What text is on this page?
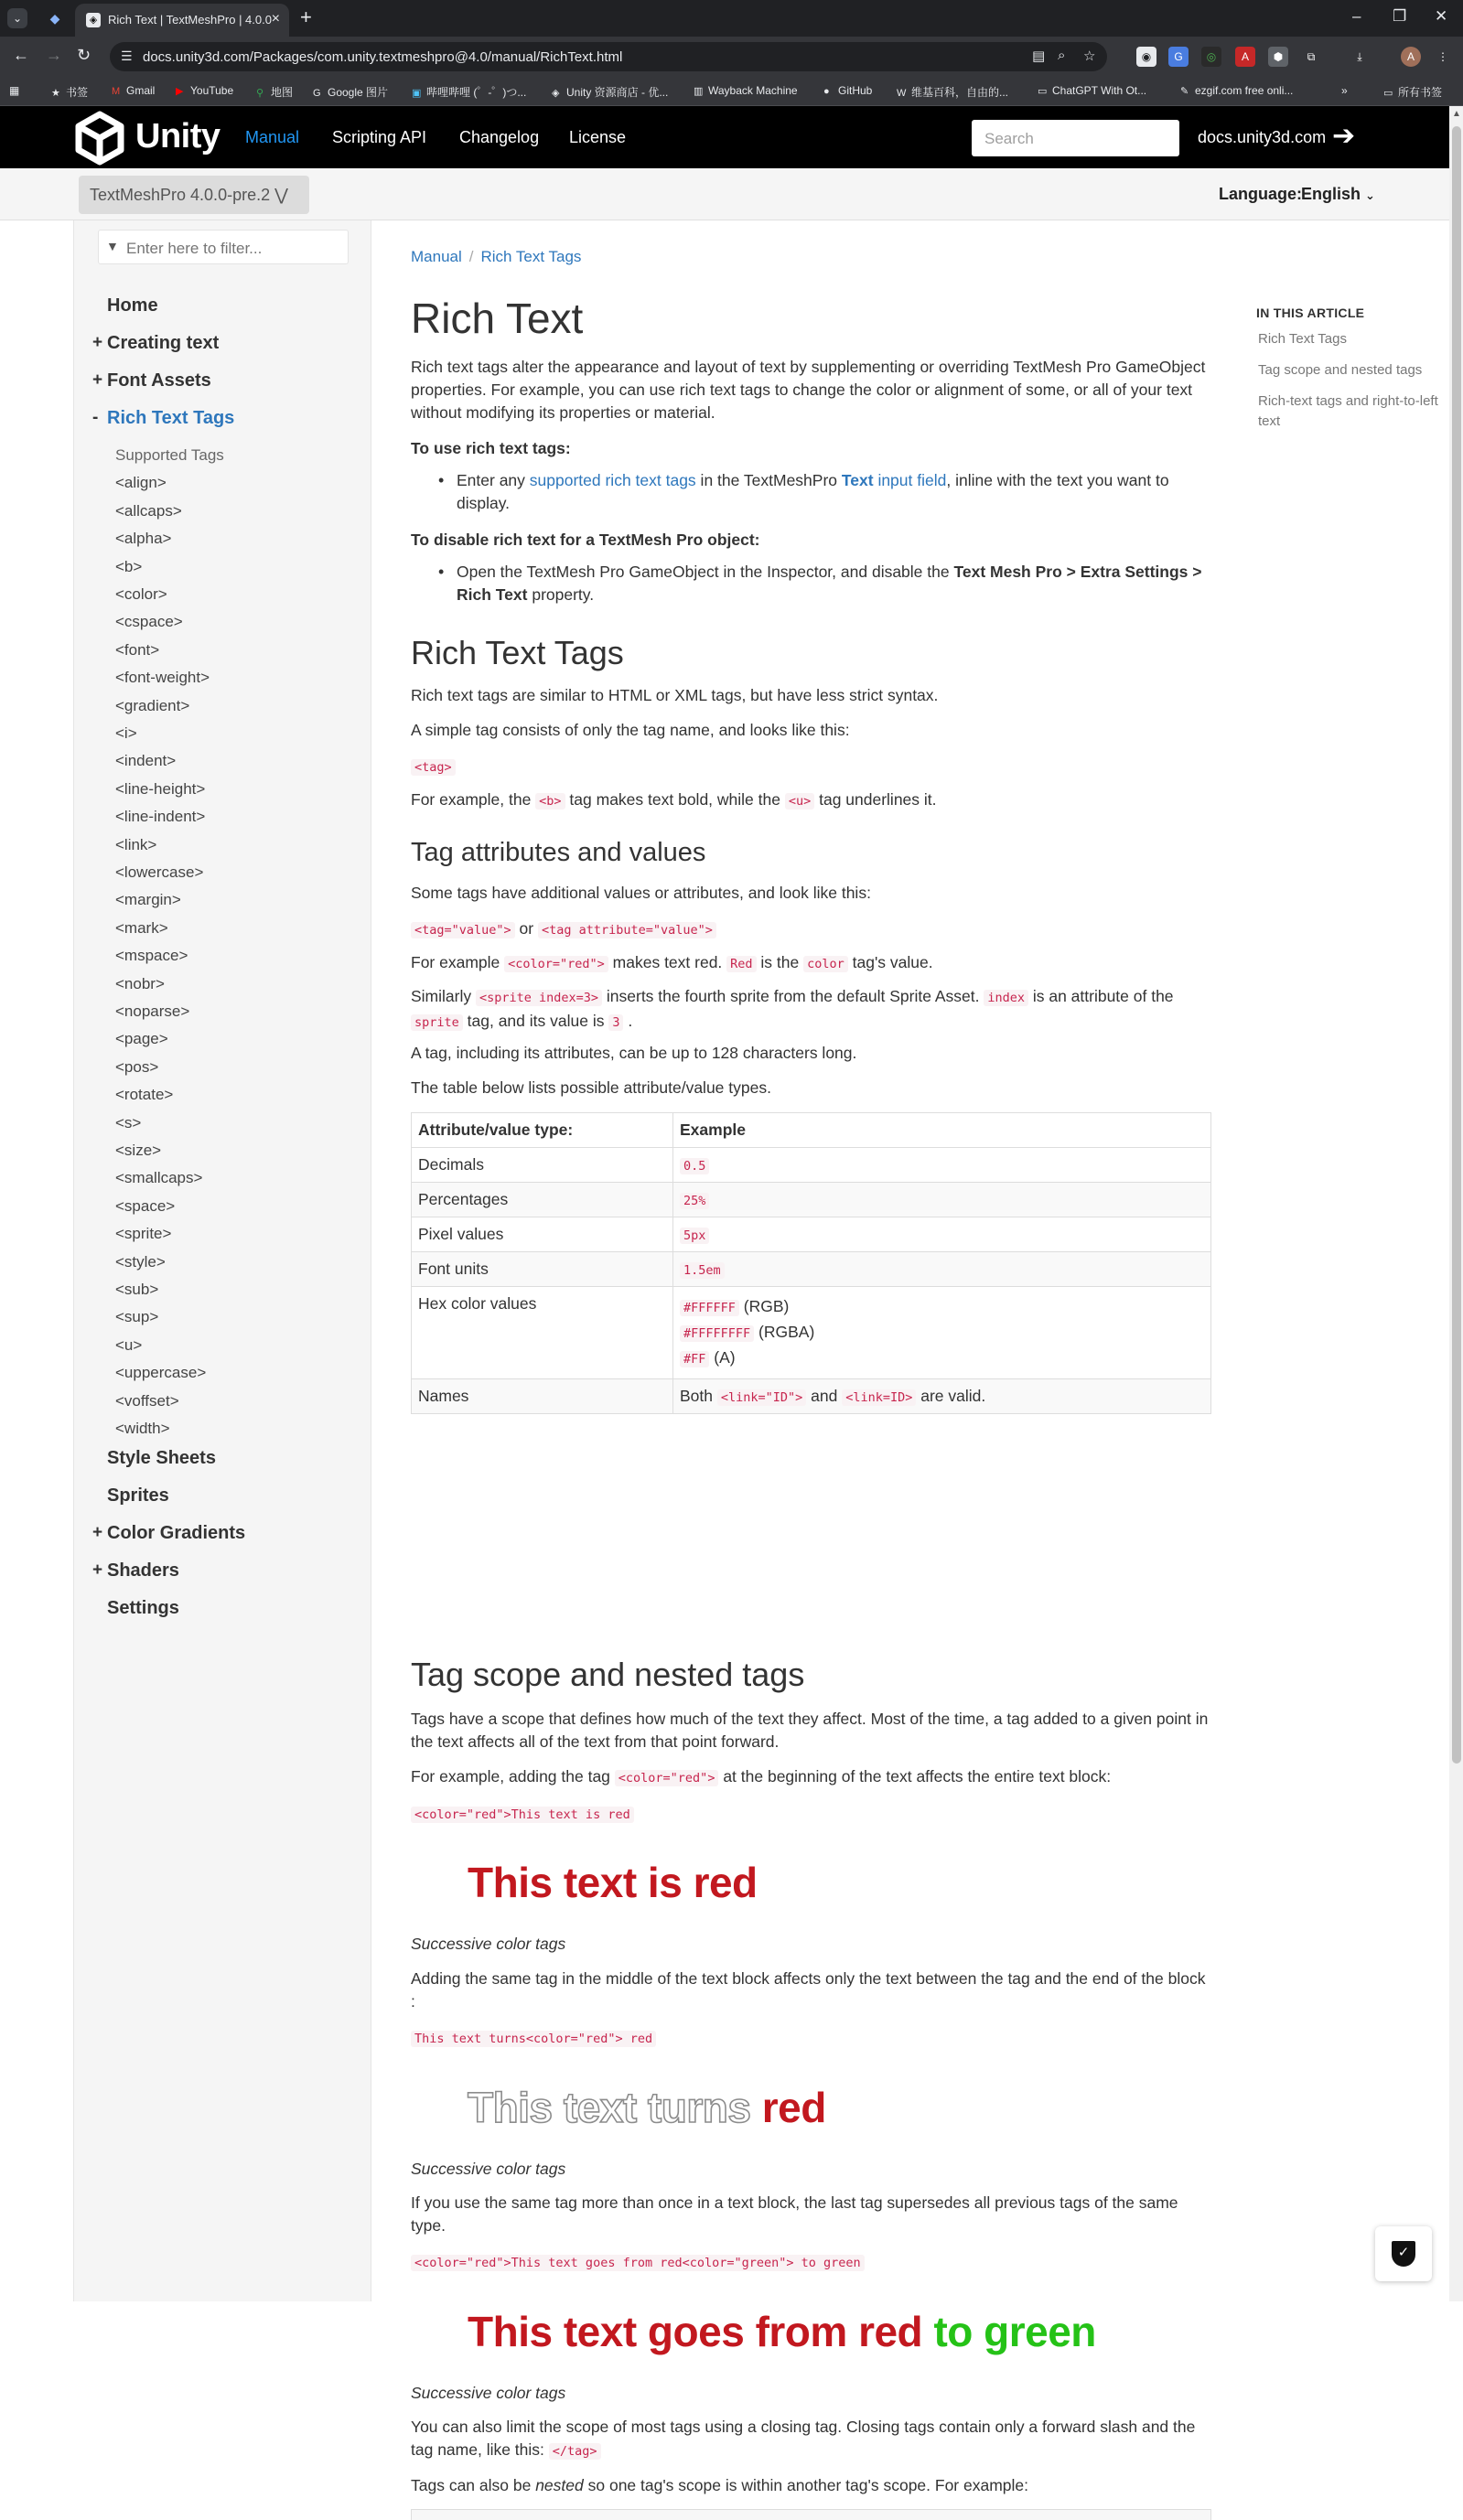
⌄	◆	◈ Rich Text | TextMeshPro | 4.0.0 × +	– ❐ ✕
← → ↻ ☰ docs.unity3d.com/Packages/com.unity.textmeshpro@4.0/manual/RichText.html	▤ ⌕ ☆	◉	G	◎	A	⬢	⧉	⤓	A	⋮
▦	★ 书签 M Gmail ▶ YouTube ⚲ 地图 G Google 图片 ▣ 哔哩哔哩 (゜-゜)つ...	◈ Unity 资源商店 - 优...	▥ Wayback Machine	● GitHub W 维基百科，自由的...	▭ ChatGPT With Ot...	✎ ezgif.com free onli...	»	▭ 所有书签
Unity Manual Scripting API Changelog License	Search	docs.unity3d.com ➔
TextMeshPro 4.0.0-pre.2 ⋁	Language:
English ⌄
▼ Enter here to filter...
Home
+ Creating text
+ Font Assets
- Rich Text Tags
Supported Tags
<align>
<allcaps>
<alpha>
<b>
<color>
<cspace>
<font>
<font-weight>
<gradient>
<i>
<indent>
<line-height>
<line-indent>
<link>
<lowercase>
<margin>
<mark>
<mspace>
<nobr>
<noparse>
<page>
<pos>
<rotate>
<s>
<size>
<smallcaps>
<space>
<sprite>
<style>
<sub>
<sup>
<u>
<uppercase>
<voffset>
<width>
Style Sheets
Sprites
+ Color Gradients
+ Shaders
Settings
Manual / Rich Text Tags
Rich Text

Rich text tags alter the appearance and layout of text by supplementing or overriding TextMesh Pro GameObject properties. For example, you can use rich text tags to change the color or alignment of some, or all of your text without modifying its properties or material.

To use rich text tags:

• Enter any supported rich text tags in the TextMeshPro Text input field, inline with the text you want to display.

To disable rich text for a TextMesh Pro object:

• Open the TextMesh Pro GameObject in the Inspector, and disable the Text Mesh Pro > Extra Settings > Rich Text property.
Rich Text Tags

Rich text tags are similar to HTML or XML tags, but have less strict syntax.

A simple tag consists of only the tag name, and looks like this:

<tag>

For example, the <b> tag makes text bold, while the <u> tag underlines it.

Tag attributes and values

Some tags have additional values or attributes, and look like this:

<tag="value"> or <tag attribute="value">

For example <color="red"> makes text red. Red is the color tag's value.

Similarly <sprite index=3> inserts the fourth sprite from the default Sprite Asset. index is an attribute of the sprite tag, and its value is 3 .

A tag, including its attributes, can be up to 128 characters long.

The table below lists possible attribute/value types.

Attribute/value type:	Example
Decimals	0.5
Percentages	25%
Pixel values	5px
Font units	1.5em
Hex color values	#FFFFFF (RGB)
#FFFFFFFF (RGBA)
#FF (A)
Names	Both <link="ID"> and <link=ID> are valid.
Tag scope and nested tags

Tags have a scope that defines how much of the text they affect. Most of the time, a tag added to a given point in the text affects all of the text from that point forward.

For example, adding the tag <color="red"> at the beginning of the text affects the entire text block:

<color="red">This text is red

This text is red

Successive color tags

Adding the same tag in the middle of the text block affects only the text between the tag and the end of the block :

This text turns<color="red"> red

This text turns red

Successive color tags

If you use the same tag more than once in a text block, the last tag supersedes all previous tags of the same type.

<color="red">This text goes from red<color="green"> to green

This text goes from red to green

Successive color tags

You can also limit the scope of most tags using a closing tag. Closing tags contain only a forward slash and the tag name, like this: </tag>

Tags can also be nested so one tag's scope is within another tag's scope. For example:

IN THIS ARTICLE
Rich Text Tags
Tag scope and nested tags
Rich-text tags and right-to-left text
▲
✓
